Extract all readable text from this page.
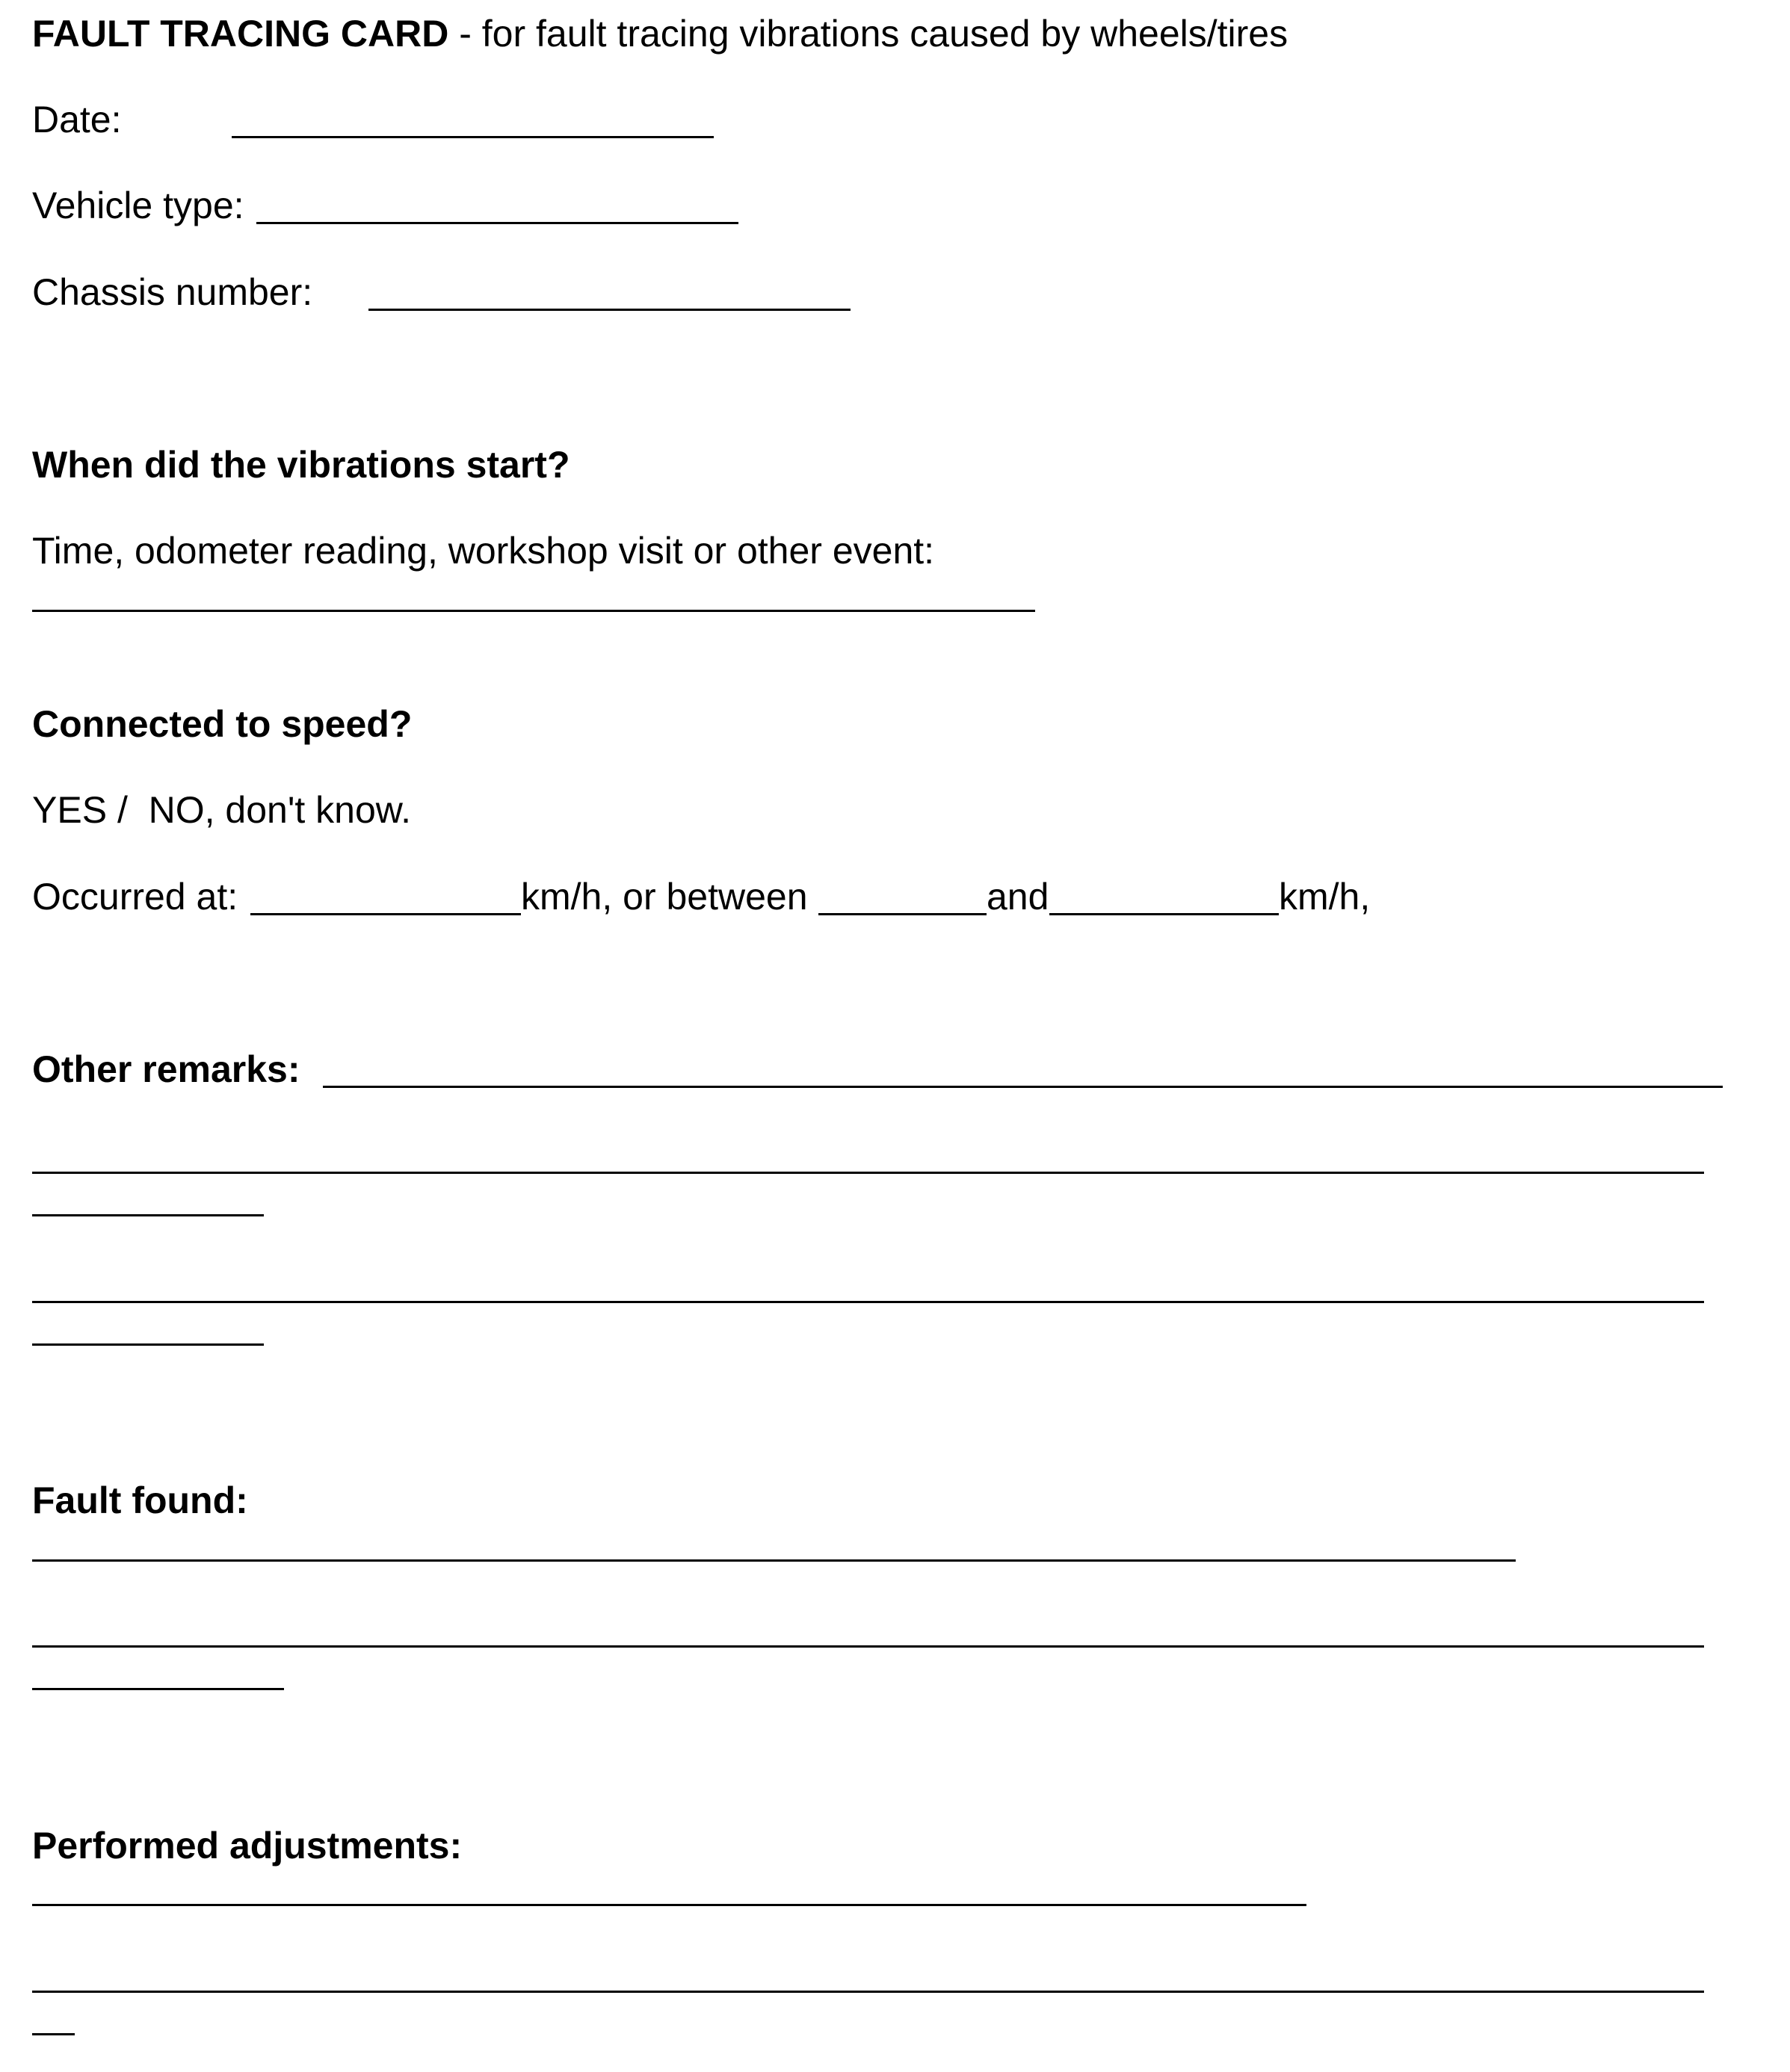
FAULT TRACING CARD - for fault tracing vibrations caused by wheels/tires
Date:
Vehicle type:
Chassis number:
When did the vibrations start?
Time, odometer reading, workshop visit or other event:
Connected to speed?
YES /  NO, don't know.
Occurred at:	km/h, or between	and	km/h,
Other remarks:
Fault found:
Performed adjustments:
